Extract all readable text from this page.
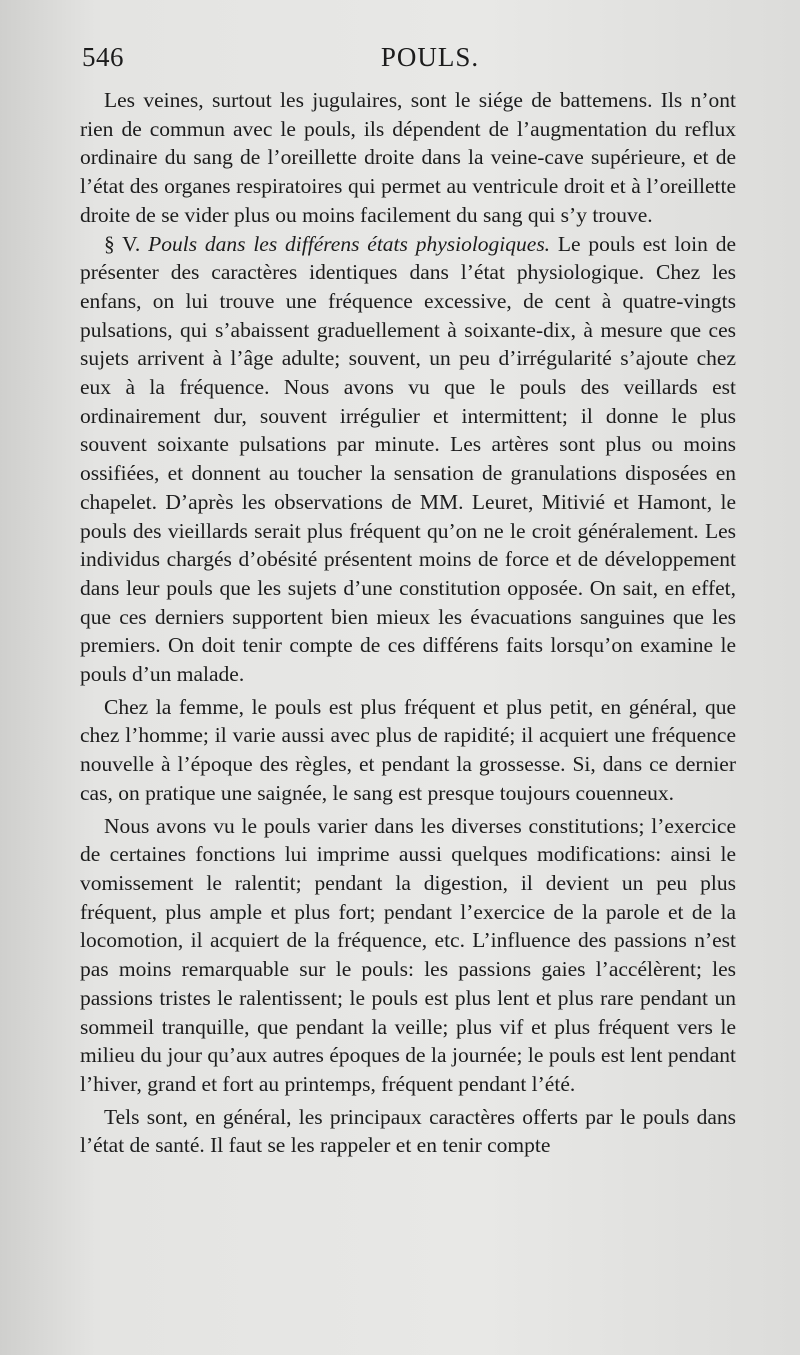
546	POULS.

Les veines, surtout les jugulaires, sont le siége de battemens. Ils n’ont rien de commun avec le pouls, ils dépendent de l’augmentation du reflux ordinaire du sang de l’oreillette droite dans la veine-cave supérieure, et de l’état des organes respiratoires qui permet au ventricule droit et à l’oreillette droite de se vider plus ou moins facilement du sang qui s’y trouve.

§ V. Pouls dans les différens états physiologiques. Le pouls est loin de présenter des caractères identiques dans l’état physiologique. Chez les enfans, on lui trouve une fréquence excessive, de cent à quatre-vingts pulsations, qui s’abaissent graduellement à soixante-dix, à mesure que ces sujets arrivent à l’âge adulte; souvent, un peu d’irrégularité s’ajoute chez eux à la fréquence. Nous avons vu que le pouls des veillards est ordinairement dur, souvent irrégulier et intermittent; il donne le plus souvent soixante pulsations par minute. Les artères sont plus ou moins ossifiées, et donnent au toucher la sensation de granulations disposées en chapelet. D’après les observations de MM. Leuret, Mitivié et Hamont, le pouls des vieillards serait plus fréquent qu’on ne le croit généralement. Les individus chargés d’obésité présentent moins de force et de développement dans leur pouls que les sujets d’une constitution opposée. On sait, en effet, que ces derniers supportent bien mieux les évacuations sanguines que les premiers. On doit tenir compte de ces différens faits lorsqu’on examine le pouls d’un malade.

Chez la femme, le pouls est plus fréquent et plus petit, en général, que chez l’homme; il varie aussi avec plus de rapidité; il acquiert une fréquence nouvelle à l’époque des règles, et pendant la grossesse. Si, dans ce dernier cas, on pratique une saignée, le sang est presque toujours couenneux.

Nous avons vu le pouls varier dans les diverses constitutions; l’exercice de certaines fonctions lui imprime aussi quelques modifications: ainsi le vomissement le ralentit; pendant la digestion, il devient un peu plus fréquent, plus ample et plus fort; pendant l’exercice de la parole et de la locomotion, il acquiert de la fréquence, etc. L’influence des passions n’est pas moins remarquable sur le pouls: les passions gaies l’accélèrent; les passions tristes le ralentissent; le pouls est plus lent et plus rare pendant un sommeil tranquille, que pendant la veille; plus vif et plus fréquent vers le milieu du jour qu’aux autres époques de la journée; le pouls est lent pendant l’hiver, grand et fort au printemps, fréquent pendant l’été.

Tels sont, en général, les principaux caractères offerts par le pouls dans l’état de santé. Il faut se les rappeler et en tenir compte
